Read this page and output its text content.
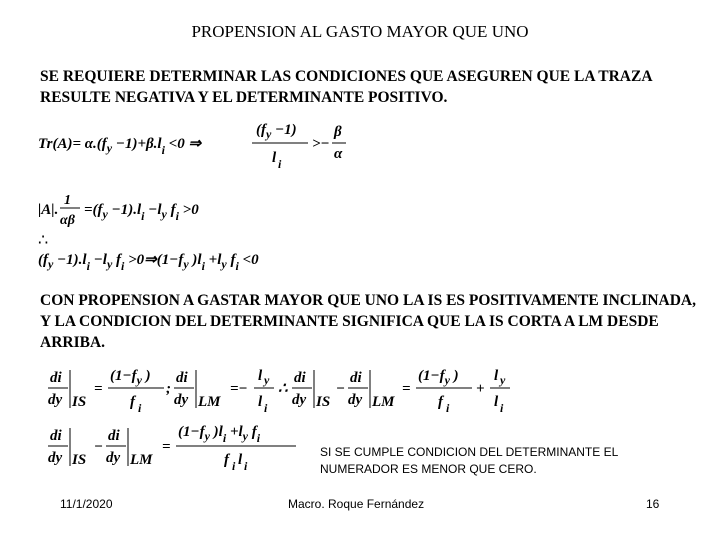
PROPENSION AL GASTO MAYOR QUE UNO
SE REQUIERE DETERMINAR LAS CONDICIONES QUE ASEGUREN QUE LA TRAZA RESULTE NEGATIVA Y EL DETERMINANTE POSITIVO.
$Tr(A)= \alpha.(f_y -1)+\beta.l_i <0$ ⇒
$(f_y -1)$
l i
>−
β
α
|A|.
1
αβ
$=(f_y -1).l_i -l_y$ $f_i >0$
∴
$(f_y -1).l_i -l_y$ $f_i$ $>0\Rightarrow(1-f_y$ )$l_i +l_y$ $f_i <0$
CON PROPENSION A GASTAR MAYOR QUE UNO LA IS ES POSITIVAMENTE INCLINADA, Y LA CONDICION DEL DETERMINANTE SIGNIFICA QUE LA IS CORTA A LM DESDE ARRIBA.
di
dy IS
=
($1-f_y$ )
f i
;
di
dy LM
=−
l y
l i
∴
di
dy IS
−
di
dy LM
=
($1-f_y$ )
f i
+
l y
l i
di
dy IS
−
di
dy LM
=
($1-f_y$ )$l_i +l_y$ $f_i$
f i l i
SI SE CUMPLE CONDICION DEL DETERMINANTE EL NUMERADOR ES MENOR QUE CERO.
11/1/2020	Macro. Roque Fernández	16
